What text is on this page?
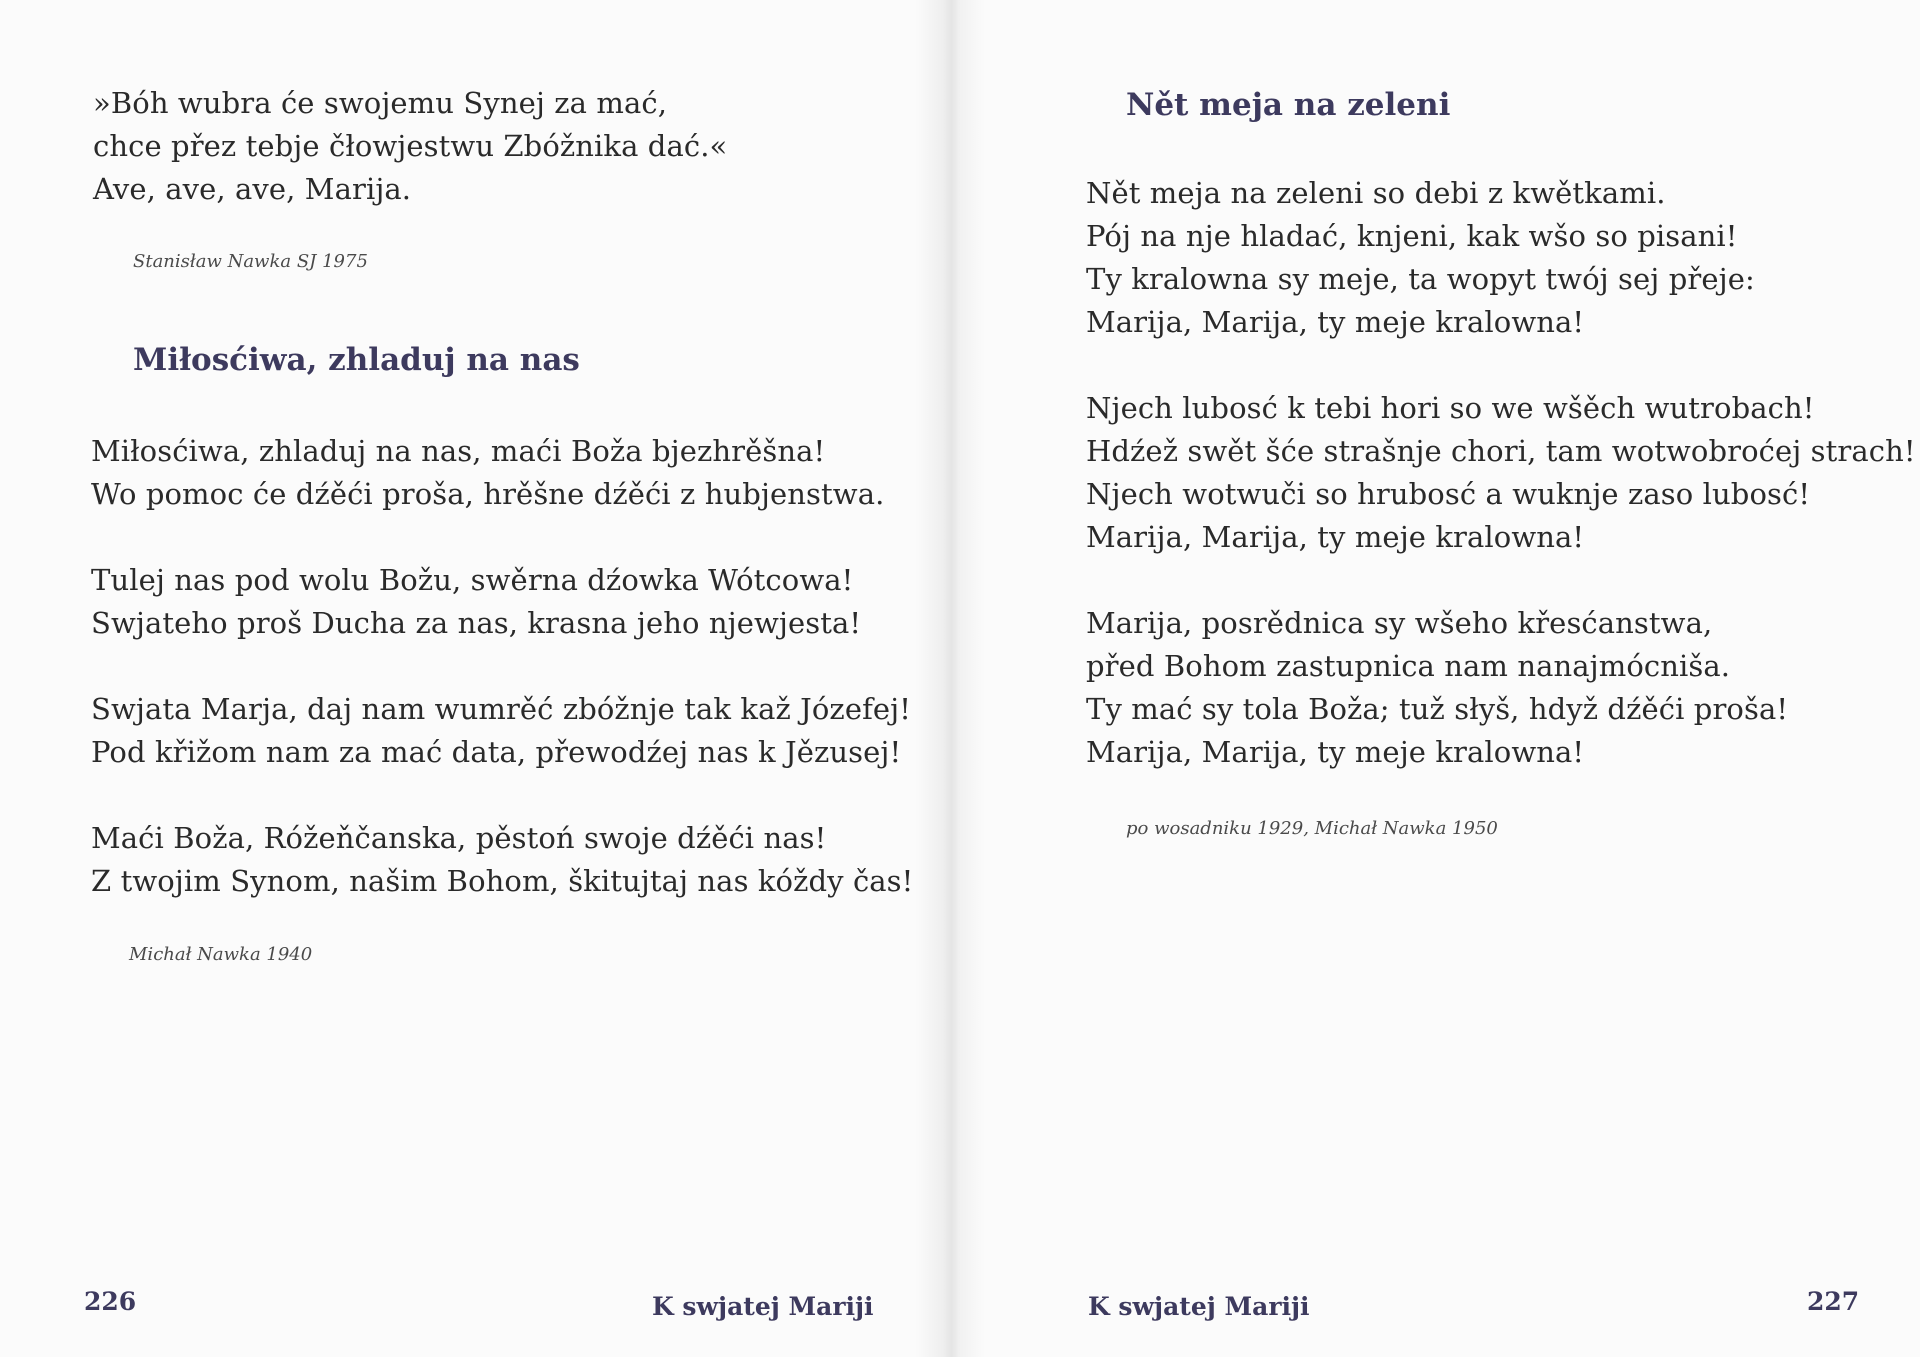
»Bóh wubra će swojemu Synej za mać,
chce přez tebje čłowjestwu Zbóžnika dać.«
Ave, ave, ave, Marija.

Stanisław Nawka SJ 1975

Miłosćiwa, zhladuj na nas
Miłosćiwa, zhladuj na nas, maći Boža bjezhrěšna!
Wo pomoc će dźěći proša, hrěšne dźěći z hubjenstwa.
Tulej nas pod wolu Božu, swěrna dźowka Wótcowa!
Swjateho proš Ducha za nas, krasna jeho njewjesta!
Swjata Marja, daj nam wumrěć zbóžnje tak kaž Józefej!
Pod křižom nam za mać data, přewodźej nas k Jězusej!
Maći Boža, Róžeňčanska, pěstoń swoje dźěći nas!
Z twojim Synom, našim Bohom, škitujtaj nas kóždy čas!

Michał Nawka 1940

226	K swjatej Mariji
Nět meja na zeleni
Nět meja na zeleni so debi z kwětkami.
Pój na nje hladać, knjeni, kak wšo so pisani!
Ty kralowna sy meje, ta wopyt twój sej přeje:
Marija, Marija, ty meje kralowna!
Njech lubosć k tebi hori so we wšěch wutrobach!
Hdźež swět šće strašnje chori, tam wotwobroćej strach!
Njech wotwuči so hrubosć a wuknje zaso lubosć!
Marija, Marija, ty meje kralowna!
Marija, posrědnica sy wšeho křesćanstwa,
před Bohom zastupnica nam nanajmócniša.
Ty mać sy tola Boža; tuž słyš, hdyž dźěći proša!
Marija, Marija, ty meje kralowna!

po wosadniku 1929, Michał Nawka 1950

K swjatej Mariji	227
